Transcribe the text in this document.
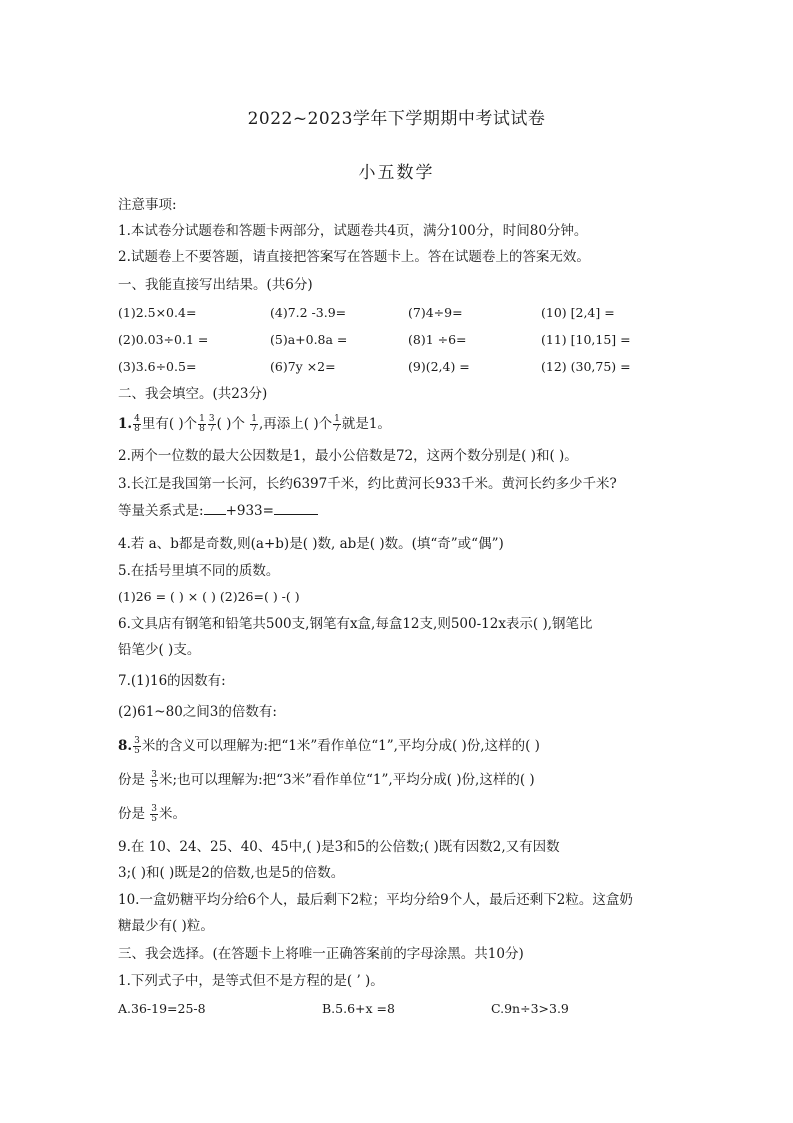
2022~2023学年下学期期中考试试卷
小五数学
注意事项:
1.本试卷分试题卷和答题卡两部分，试题卷共4页，满分100分，时间80分钟。
2.试题卷上不要答题，请直接把答案写在答题卡上。答在试题卷上的答案无效。
一、我能直接写出结果。(共6分)
(1)2.5×0.4=	(4)7.2 -3.9=	(7)4÷9=	(10) [2,4] =
(2)0.03÷0.1 =	(5)a+0.8a =	(8)1 ÷6=	(11) [10,15] =
(3)3.6÷0.5=	(6)7y ×2=	(9)(2,4) =	(12) (30,75) =
二、我会填空。(共23分)
1. $\frac{4}{8}$ 里有( )个 $\frac{1}{8} \frac{3}{7}$ ( )个 $\frac{1}{7}$ ,再添上( )个 $\frac{1}{7}$ 就是1。
2.两个一位数的最大公因数是1，最小公倍数是72，这两个数分别是( )和( )。
3.长江是我国第一长河，长约6397千米，约比黄河长933千米。黄河长约多少千米?
等量关系式是: +933=
4.若 a、b都是奇数,则(a+b)是( )数, ab是( )数。(填“奇”或“偶”)
5.在括号里填不同的质数。
(1)26 = ( ) × ( ) (2)26=( ) -( )
6.文具店有钢笔和铅笔共500支,钢笔有x盒,每盒12支,则500-12x表示( ),钢笔比
铅笔少( )支。
7.(1)16的因数有:
(2)61~80之间3的倍数有:
8. $\frac{3}{5}$ 米的含义可以理解为:把“1米”看作单位“1”,平均分成( )份,这样的( )
份是 $\frac{3}{5}$ 米;也可以理解为:把“3米”看作单位“1”,平均分成( )份,这样的( )
份是 $\frac{3}{5}$ 米。
9.在 10、24、25、40、45中,( )是3和5的公倍数;( )既有因数2,又有因数
3;( )和( )既是2的倍数,也是5的倍数。
10.一盒奶糖平均分给6个人，最后剩下2粒；平均分给9个人，最后还剩下2粒。这盒奶
糖最少有( )粒。
三、我会选择。(在答题卡上将唯一正确答案前的字母涂黑。共10分)
1.下列式子中，是等式但不是方程的是( ’ )。
A.36-19=25-8	B.5.6+x =8	C.9n÷3>3.9
